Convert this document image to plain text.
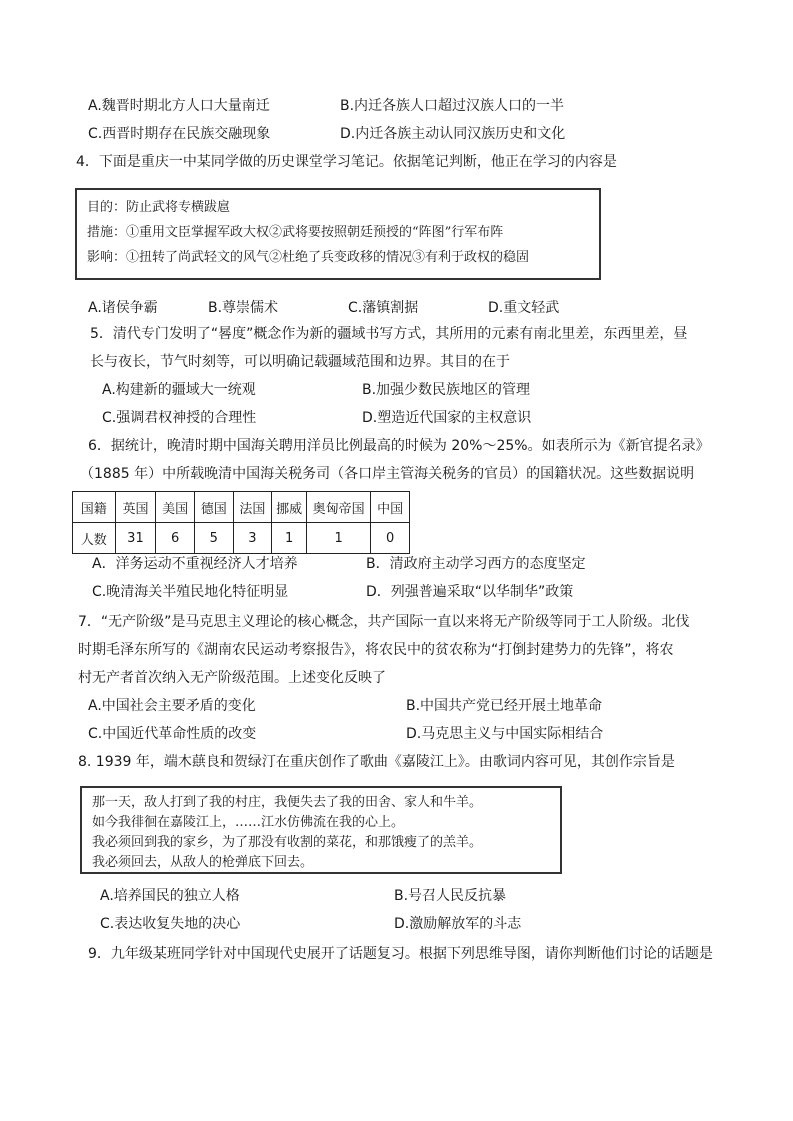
A.魏晋时期北方人口大量南迁	B.内迁各族人口超过汉族人口的一半
C.西晋时期存在民族交融现象	D.内迁各族主动认同汉族历史和文化
4．下面是重庆一中某同学做的历史课堂学习笔记。依据笔记判断，他正在学习的内容是
目的：防止武将专横跋扈
措施：①重用文臣掌握军政大权②武将要按照朝廷预授的“阵图”行军布阵
影响：①扭转了尚武轻文的风气②杜绝了兵变政移的情况③有利于政权的稳固
A.诸侯争霸	B.尊崇儒术	C.藩镇割据	D.重文轻武
5．清代专门发明了“晷度”概念作为新的疆域书写方式，其所用的元素有南北里差，东西里差，昼
长与夜长，节气时刻等，可以明确记载疆域范围和边界。其目的在于
A.构建新的疆域大一统观	B.加强少数民族地区的管理
C.强调君权神授的合理性	D.塑造近代国家的主权意识
6．据统计，晚清时期中国海关聘用洋员比例最高的时候为 20%～25%。如表所示为《新官提名录》
（1885 年）中所载晚清中国海关税务司（各口岸主管海关税务的官员）的国籍状况。这些数据说明
国籍	英国	美国	德国	法国	挪威	奥匈帝国	中国
人数	31	6	5	3	1	1	0
A．洋务运动不重视经济人才培养	B．清政府主动学习西方的态度坚定
C.晚清海关半殖民地化特征明显	D．列强普遍采取“以华制华”政策
7．“无产阶级”是马克思主义理论的核心概念，共产国际一直以来将无产阶级等同于工人阶级。北伐
时期毛泽东所写的《湖南农民运动考察报告》，将农民中的贫农称为“打倒封建势力的先锋”，将农
村无产者首次纳入无产阶级范围。上述变化反映了
A.中国社会主要矛盾的变化	B.中国共产党已经开展土地革命
C.中国近代革命性质的改变	D.马克思主义与中国实际相结合
8. 1939 年，端木蕻良和贺绿汀在重庆创作了歌曲《嘉陵江上》。由歌词内容可见，其创作宗旨是
那一天，敌人打到了我的村庄，我便失去了我的田舍、家人和牛羊。
如今我徘徊在嘉陵江上，……江水仿佛流在我的心上。
我必须回到我的家乡，为了那没有收割的菜花，和那饿瘦了的羔羊。
我必须回去，从敌人的枪弹底下回去。
A.培养国民的独立人格	B.号召人民反抗暴
C.表达收复失地的决心	D.激励解放军的斗志
9．九年级某班同学针对中国现代史展开了话题复习。根据下列思维导图，请你判断他们讨论的话题是
